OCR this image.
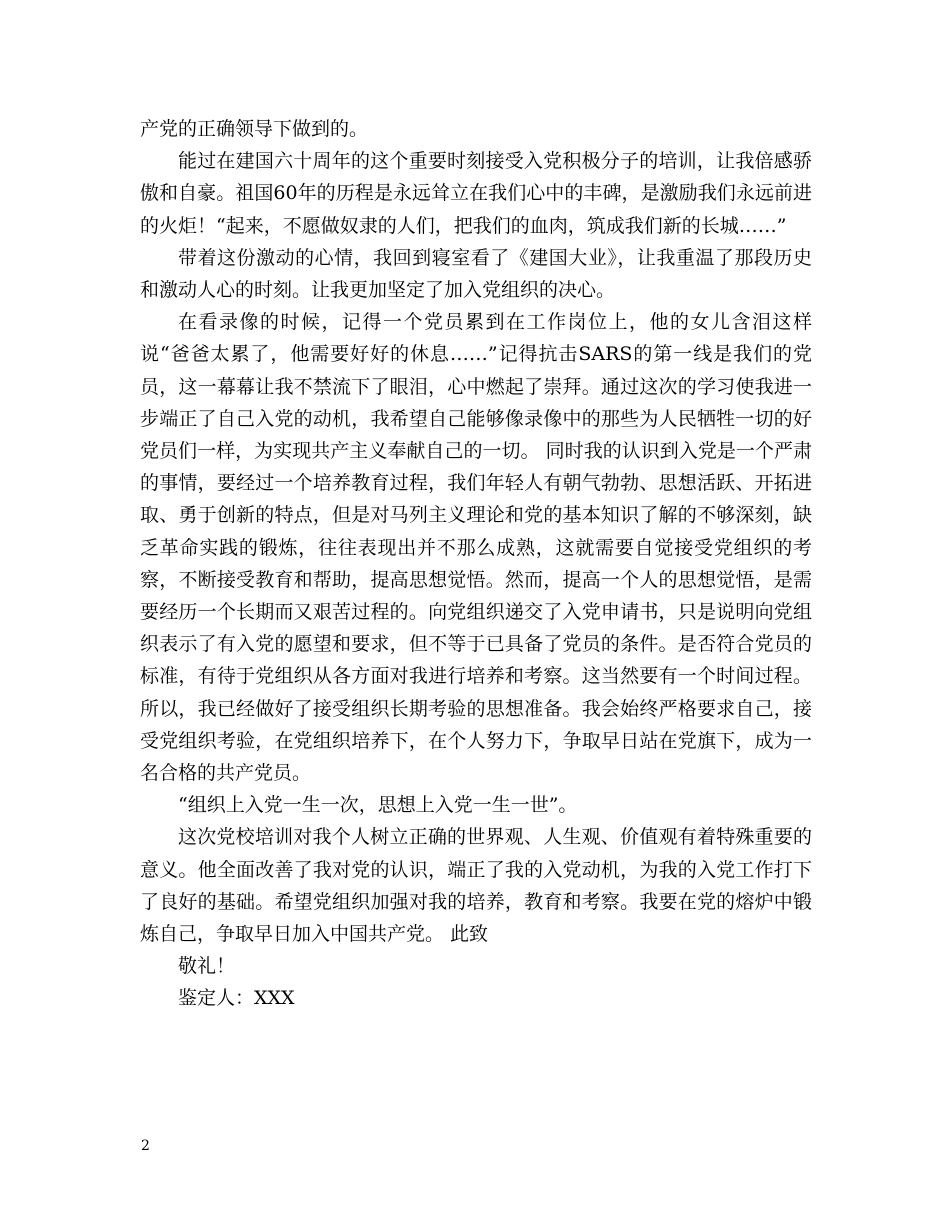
产党的正确领导下做到的。

能过在建国六十周年的这个重要时刻接受入党积极分子的培训，让我倍感骄傲和自豪。祖国60年的历程是永远耸立在我们心中的丰碑，是激励我们永远前进的火炬！“起来，不愿做奴隶的人们，把我们的血肉，筑成我们新的长城……”

带着这份激动的心情，我回到寝室看了《建国大业》，让我重温了那段历史和激动人心的时刻。让我更加坚定了加入党组织的决心。

在看录像的时候，记得一个党员累到在工作岗位上，他的女儿含泪这样说“爸爸太累了，他需要好好的休息……”记得抗击SARS的第一线是我们的党员，这一幕幕让我不禁流下了眼泪，心中燃起了崇拜。通过这次的学习使我进一步端正了自己入党的动机，我希望自己能够像录像中的那些为人民牺牲一切的好党员们一样，为实现共产主义奉献自己的一切。 同时我的认识到入党是一个严肃的事情，要经过一个培养教育过程，我们年轻人有朝气勃勃、思想活跃、开拓进取、勇于创新的特点，但是对马列主义理论和党的基本知识了解的不够深刻，缺乏革命实践的锻炼，往往表现出并不那么成熟，这就需要自觉接受党组织的考察，不断接受教育和帮助，提高思想觉悟。然而，提高一个人的思想觉悟，是需要经历一个长期而又艰苦过程的。向党组织递交了入党申请书，只是说明向党组织表示了有入党的愿望和要求，但不等于已具备了党员的条件。是否符合党员的标准，有待于党组织从各方面对我进行培养和考察。这当然要有一个时间过程。所以，我已经做好了接受组织长期考验的思想准备。我会始终严格要求自己，接受党组织考验，在党组织培养下，在个人努力下，争取早日站在党旗下，成为一名合格的共产党员。

“组织上入党一生一次，思想上入党一生一世”。

这次党校培训对我个人树立正确的世界观、人生观、价值观有着特殊重要的意义。他全面改善了我对党的认识，端正了我的入党动机，为我的入党工作打下了良好的基础。希望党组织加强对我的培养，教育和考察。我要在党的熔炉中锻炼自己，争取早日加入中国共产党。 此致

敬礼！

鉴定人：XXX

2
